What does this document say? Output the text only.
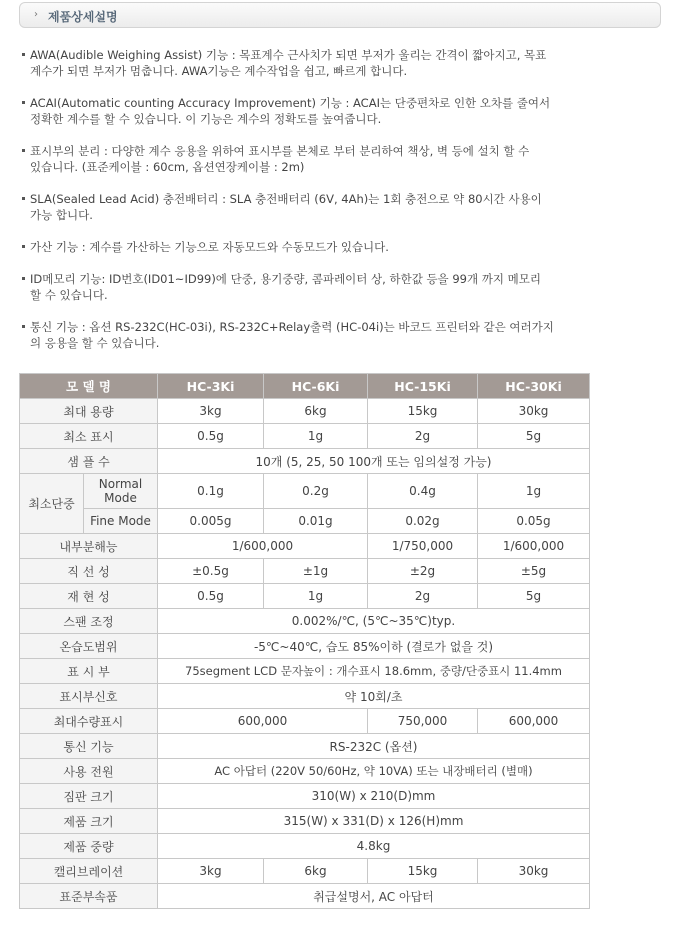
› 제품상세설명
AWA(Audible Weighing Assist) 기능 : 목표계수 근사치가 되면 부저가 울리는 간격이 짧아지고, 목표
계수가 되면 부저가 멈춥니다. AWA기능은 계수작업을 쉽고, 빠르게 합니다.
ACAI(Automatic counting Accuracy Improvement) 기능 : ACAI는 단중편차로 인한 오차를 줄여서
정확한 계수를 할 수 있습니다. 이 기능은 계수의 정확도를 높여줍니다.
표시부의 분리 : 다양한 계수 응용을 위하여 표시부를 본체로 부터 분리하여 책상, 벽 등에 설치 할 수
있습니다. (표준케이블 : 60cm, 옵션연장케이블 : 2m)
SLA(Sealed Lead Acid) 충전배터리 : SLA 충전배터리 (6V, 4Ah)는 1회 충전으로 약 80시간 사용이
가능 합니다.
가산 기능 : 계수를 가산하는 기능으로 자동모드와 수동모드가 있습니다.
ID메모리 기능: ID번호(ID01~ID99)에 단중, 용기중량, 콤파레이터 상, 하한값 등을 99개 까지 메모리
할 수 있습니다.
통신 기능 : 옵션 RS-232C(HC-03i), RS-232C+Relay출력 (HC-04i)는 바코드 프린터와 같은 여러가지
의 응용을 할 수 있습니다.
모 델 명		HC-3Ki	HC-6Ki	HC-15Ki	HC-30Ki
최대 용량		3kg	6kg	15kg	30kg
최소 표시		0.5g	1g	2g	5g
샘 플 수		10개 (5, 25, 50 100개 또는 임의설정 가능)			
최소단중	Normal Mode	0.1g	0.2g	0.4g	1g
	Fine Mode	0.005g	0.01g	0.02g	0.05g
내부분해능		1/600,000		1/750,000	1/600,000
직 선 성		±0.5g	±1g	±2g	±5g
재 현 성		0.5g	1g	2g	5g
스팬 조정		0.002%/℃, (5℃~35℃)typ.			
온습도범위		-5℃~40℃, 습도 85%이하 (결로가 없을 것)			
표 시 부		75segment LCD 문자높이 : 개수표시 18.6mm, 중량/단중표시 11.4mm			
표시부신호		약 10회/초			
최대수량표시		600,000		750,000	600,000
통신 기능		RS-232C (옵션)			
사용 전원		AC 아답터 (220V 50/60Hz, 약 10VA) 또는 내장배터리 (별매)			
짐판 크기		310(W) x 210(D)mm			
제품 크기		315(W) x 331(D) x 126(H)mm			
제품 중량		4.8kg			
캘리브레이션		3kg	6kg	15kg	30kg
표준부속품		취급설명서, AC 아답터			
